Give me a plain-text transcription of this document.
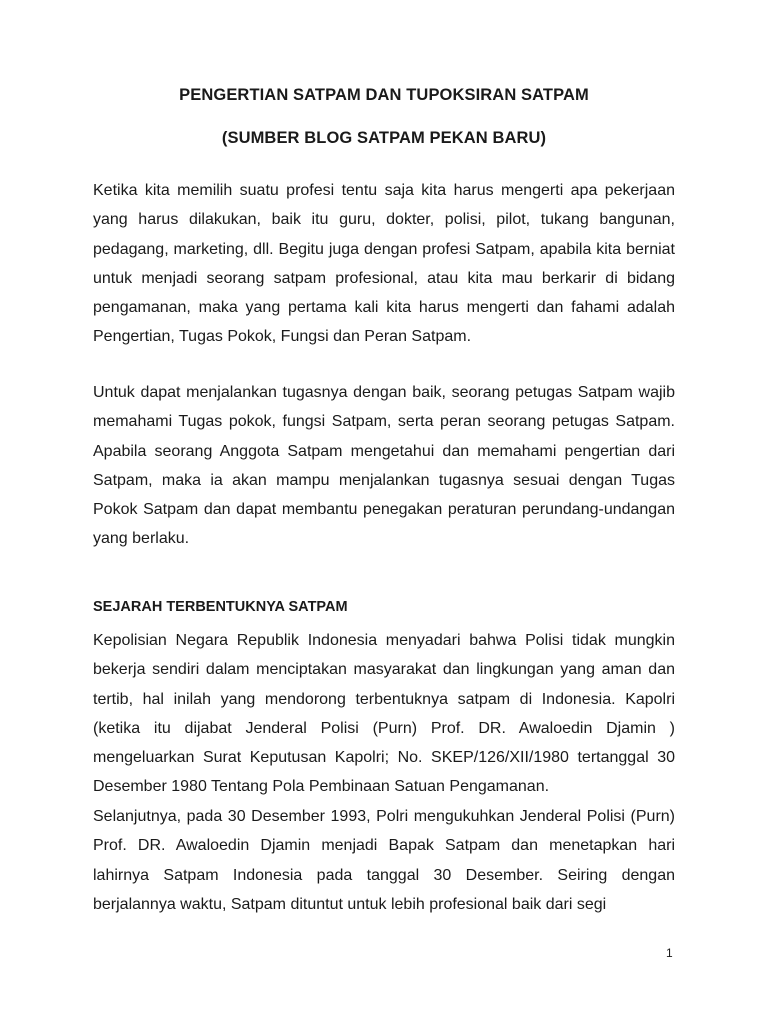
PENGERTIAN SATPAM DAN TUPOKSIRAN SATPAM
(SUMBER BLOG SATPAM PEKAN BARU)

Ketika kita memilih suatu profesi tentu saja kita harus mengerti apa pekerjaan yang harus dilakukan, baik itu guru, dokter, polisi, pilot, tukang bangunan, pedagang, marketing, dll. Begitu juga dengan profesi Satpam, apabila kita berniat untuk menjadi seorang satpam profesional, atau kita mau berkarir di bidang pengamanan, maka yang pertama kali kita harus mengerti dan fahami adalah Pengertian, Tugas Pokok, Fungsi dan Peran Satpam.

Untuk dapat menjalankan tugasnya dengan baik, seorang petugas Satpam wajib memahami Tugas pokok, fungsi Satpam, serta peran seorang petugas Satpam. Apabila seorang Anggota Satpam mengetahui dan memahami pengertian dari Satpam, maka ia akan mampu menjalankan tugasnya sesuai dengan Tugas Pokok Satpam dan dapat membantu penegakan peraturan perundang-undangan yang berlaku.

SEJARAH TERBENTUKNYA SATPAM

Kepolisian Negara Republik Indonesia menyadari bahwa Polisi tidak mungkin bekerja sendiri dalam menciptakan masyarakat dan lingkungan yang aman dan tertib, hal inilah yang mendorong terbentuknya satpam di Indonesia. Kapolri (ketika itu dijabat Jenderal Polisi (Purn) Prof. DR. Awaloedin Djamin ) mengeluarkan Surat Keputusan Kapolri; No. SKEP/126/XII/1980 tertanggal 30 Desember 1980 Tentang Pola Pembinaan Satuan Pengamanan.

Selanjutnya, pada 30 Desember 1993, Polri mengukuhkan Jenderal Polisi (Purn) Prof. DR. Awaloedin Djamin menjadi Bapak Satpam dan menetapkan hari lahirnya Satpam Indonesia pada tanggal 30 Desember. Seiring dengan berjalannya waktu, Satpam dituntut untuk lebih profesional baik dari segi

1
